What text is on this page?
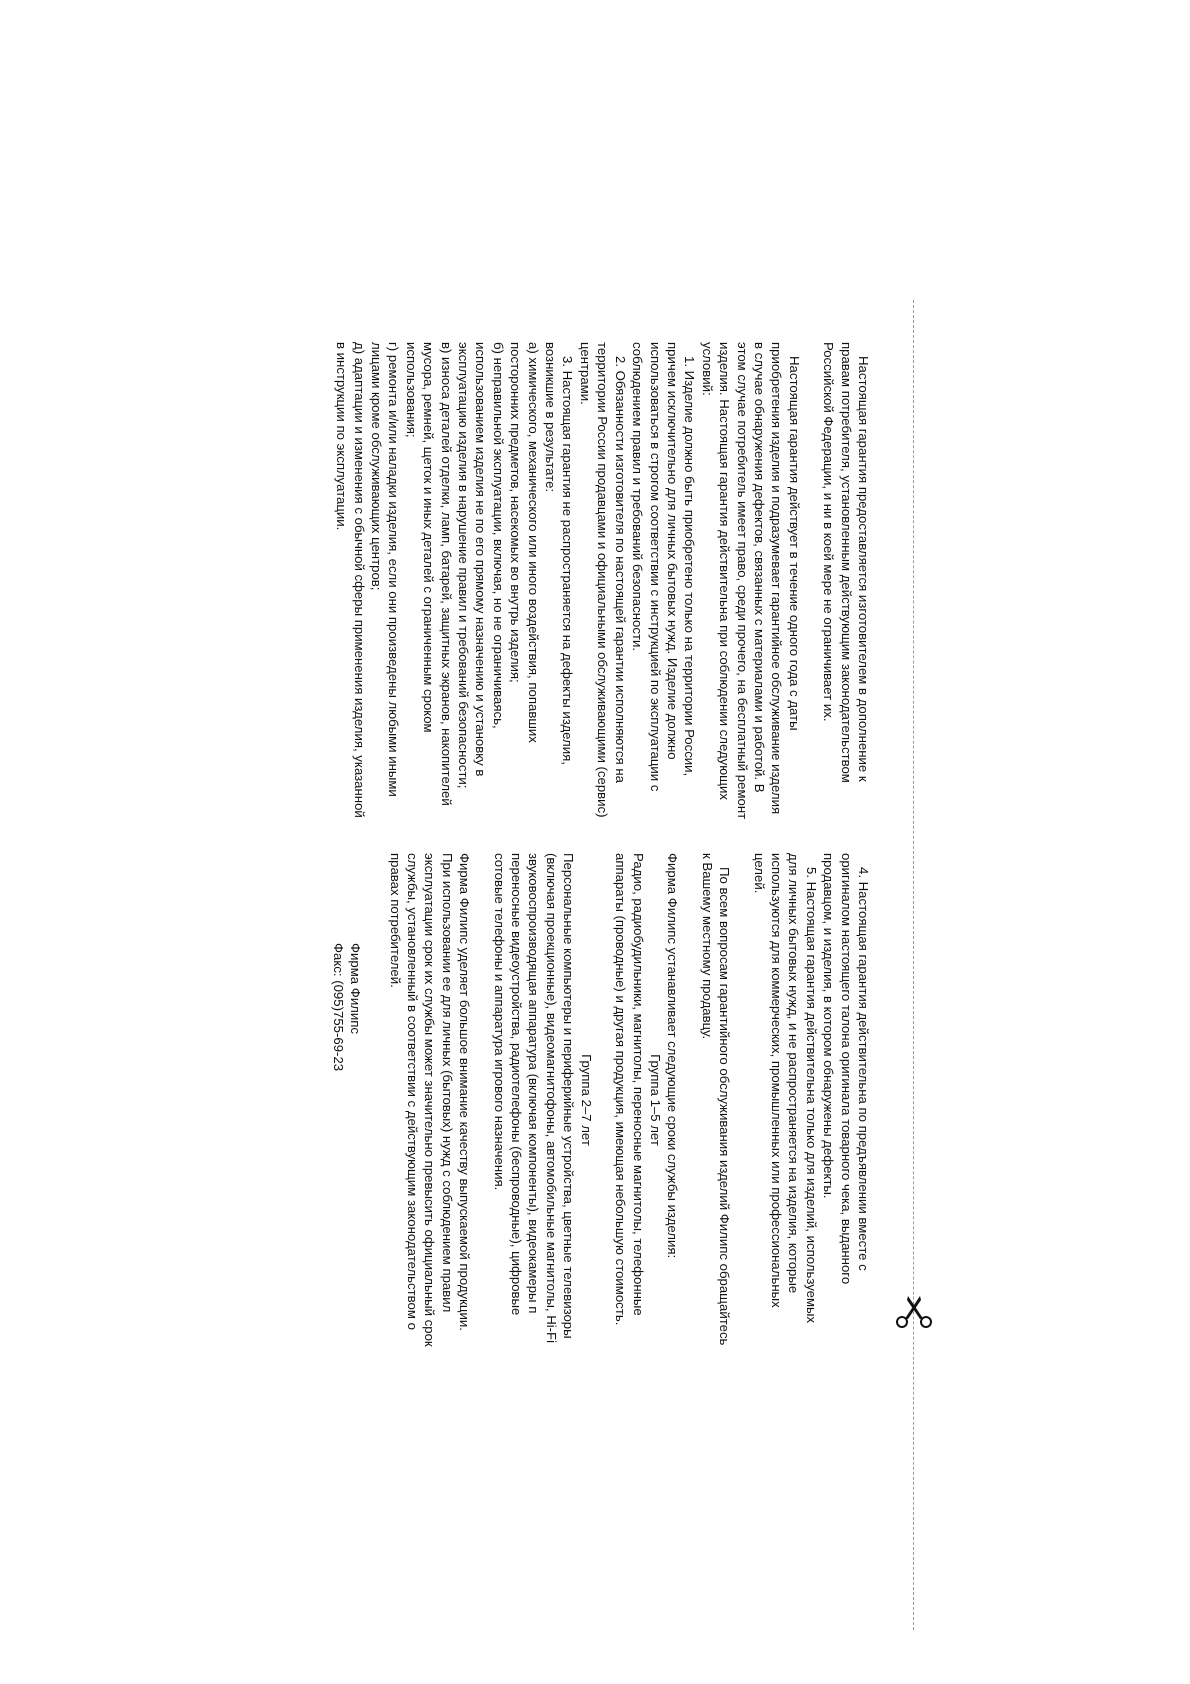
Настоящая гарантия предоставляется изготовителем в дополнение к правам потребителя, установленным действующим законодательством Российской Федерации, и ни в коей мере не ограничивает их.

Настоящая гарантия действует в течение одного года с даты приобретения изделия и подразумевает гарантийное обслуживание изделия в случае обнаружения дефектов, связанных с материалами и работой. В этом случае потребитель имеет право, среди прочего, на бесплатный ремонт изделия. Настоящая гарантия действительна при соблюдении следующих условий:

1. Изделие должно быть приобретено только на территории России, причем исключительно для личных бытовых нужд. Изделие должно использоваться в строгом соответствии с инструкцией по эксплуатации с соблюдением правил и требований безопасности.

2. Обязанности изготовителя по настоящей гарантии исполняются на территории России продавцами и официальными обслуживающими (сервис) центрами.

3. Настоящая гарантия не распространяется на дефекты изделия, возникшие в результате:

а) химического, механического или иного воздействия, попавших посторонних предметов, насекомых во внутрь изделия;

б) неправильной эксплуатации, включая, но не ограничиваясь, использованием изделия не по его прямому назначению и установку в эксплуатацию изделия в нарушение правил и требований безопасности;

в) износа деталей отделки, ламп, батарей, защитных экранов, накопителей мусора, ремней, щеток и иных деталей с ограниченным сроком использования;

г) ремонта и/или наладки изделия, если они произведены любыми иными лицами кроме обслуживающих центров;

д) адаптации и изменения с обычной сферы применения изделия, указанной в инструкции по эксплуатации.

4. Настоящая гарантия действительна по предъявлении вместе с оригиналом настоящего талона оригинала товарного чека, выданного продавцом, и изделия, в котором обнаружены дефекты.

5. Настоящая гарантия действительна только для изделий, используемых для личных бытовых нужд, и не распространяется на изделия, которые используются для коммерческих, промышленных или профессиональных целей.

По всем вопросам гарантийного обслуживания изделий Филипс обращайтесь к Вашему местному продавцу.

Фирма Филипс устанавливает следующие сроки службы изделия:

Группа 1–5 лет

Радио, радиобудильники, магнитолы, переносные магнитолы, телефонные аппараты (проводные) и другая продукция, имеющая небольшую стоимость.

Группа 2–7 лет

Персональные компьютеры и периферийные устройства, цветные телевизоры (включая проекционные), видеомагнитофоны, автомобильные магнитолы, Hi-Fi звуковоспроизводящая аппаратура (включая компоненты), видеокамеры п переносные видеоустройства, радиотелефоны (беспроводные), цифровые сотовые телефоны и аппаратура игрового назначения.

Фирма Филипс уделяет большое внимание качеству выпускаемой продукции. При использовании ее для личных (бытовых) нужд с соблюдением правил эксплуатации срок их службы может значительно превысить официальный срок службы, установленный в соответствии с действующим законодательством о правах потребителей.

Фирма Филипс

Факс: (095)755-69-23
